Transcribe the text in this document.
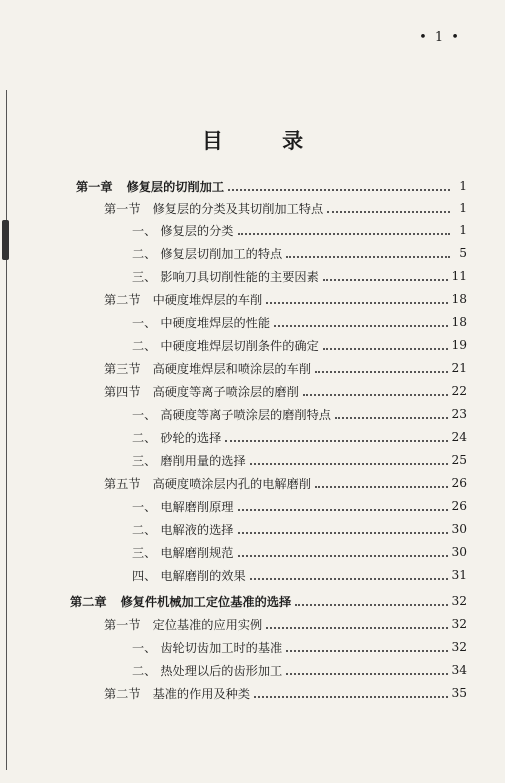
• 1 •
目 录
第一章 修复层的切削加工	1
第一节 修复层的分类及其切削加工特点	1
一、 修复层的分类	1
二、 修复层切削加工的特点	5
三、 影响刀具切削性能的主要因素	11
第二节 中硬度堆焊层的车削	18
一、 中硬度堆焊层的性能	18
二、 中硬度堆焊层切削条件的确定	19
第三节 高硬度堆焊层和喷涂层的车削	21
第四节 高硬度等离子喷涂层的磨削	22
一、 高硬度等离子喷涂层的磨削特点	23
二、 砂轮的选择	24
三、 磨削用量的选择	25
第五节 高硬度喷涂层内孔的电解磨削	26
一、 电解磨削原理	26
二、 电解液的选择	30
三、 电解磨削规范	30
四、 电解磨削的效果	31
第二章 修复件机械加工定位基准的选择	32
第一节 定位基准的应用实例	32
一、 齿轮切齿加工时的基准	32
二、 热处理以后的齿形加工	34
第二节 基准的作用及种类	35
